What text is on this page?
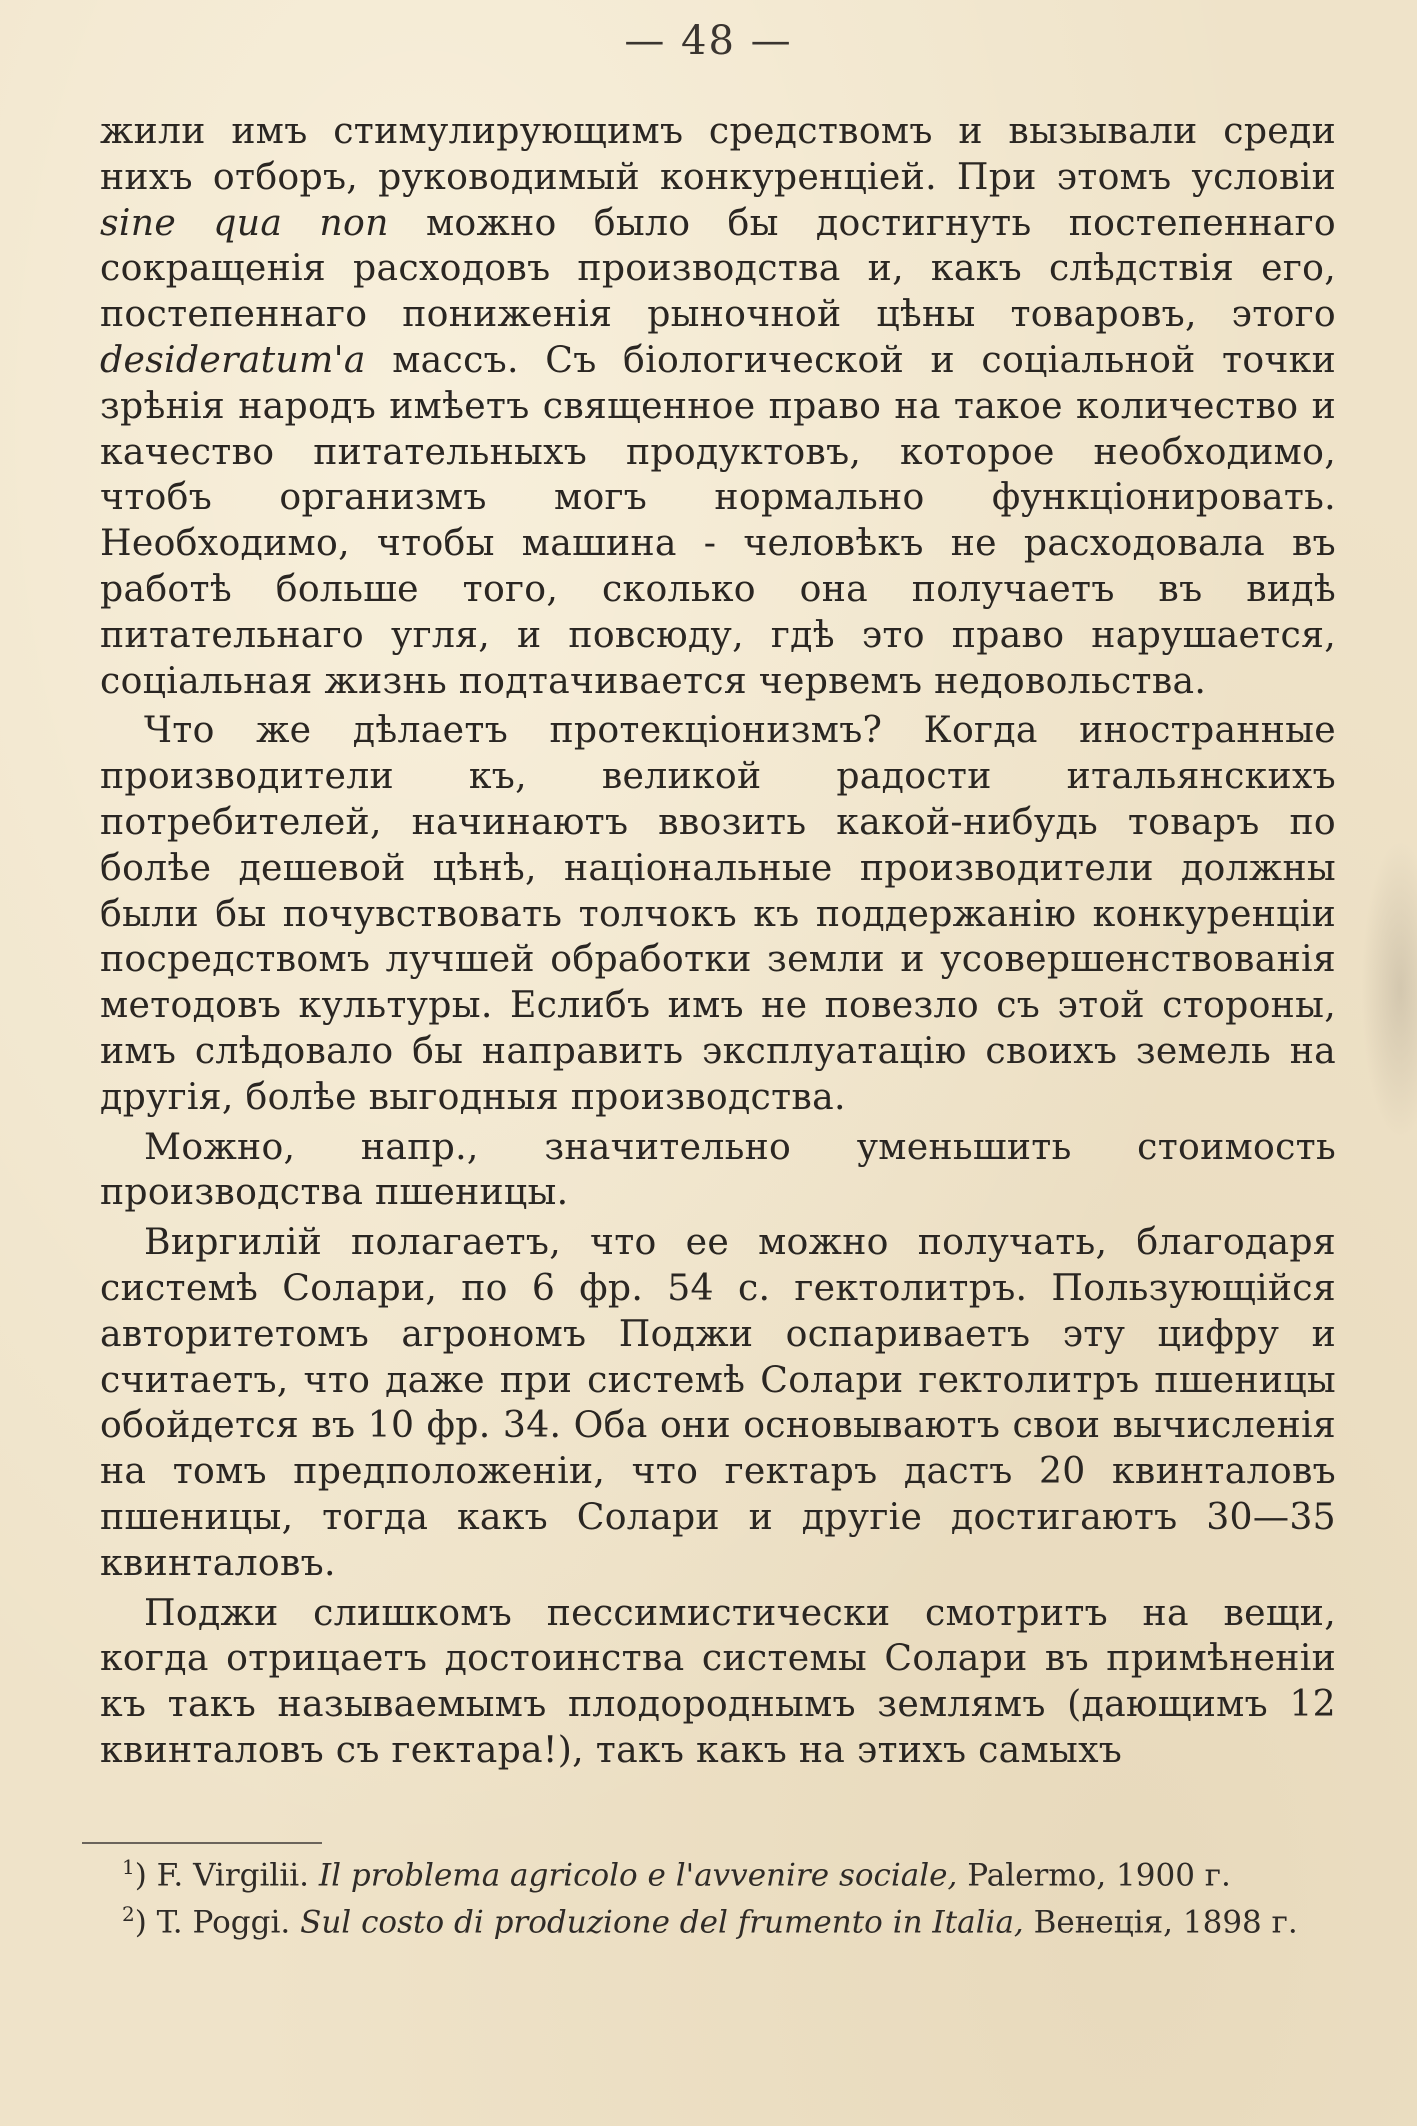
— 48 —

жили имъ стимулирующимъ средствомъ и вызывали среди нихъ отборъ, руководимый конкуренціей. При этомъ условіи sine qua non можно было бы достигнуть постепеннаго сокращенія расходовъ производства и, какъ слѣдствія его, постепеннаго пониженія рыночной цѣны товаровъ, этого desideratum'a массъ. Съ біологической и соціальной точки зрѣнія народъ имѣетъ священное право на такое количество и качество питательныхъ продуктовъ, которое необходимо, чтобъ организмъ могъ нормально функціонировать. Необходимо, чтобы машина - человѣкъ не расходовала въ работѣ больше того, сколько она получаетъ въ видѣ питательнаго угля, и повсюду, гдѣ это право нарушается, соціальная жизнь подтачивается червемъ недовольства.

Что же дѣлаетъ протекціонизмъ? Когда иностранные производители къ, великой радости итальянскихъ потребителей, начинаютъ ввозить какой-нибудь товаръ по болѣе дешевой цѣнѣ, національные производители должны были бы почувствовать толчокъ къ поддержанію конкуренціи посредствомъ лучшей обработки земли и усовершенствованія методовъ культуры. Еслибъ имъ не повезло съ этой стороны, имъ слѣдовало бы направить эксплуатацію своихъ земель на другія, болѣе выгодныя производства.

Можно, напр., значительно уменьшить стоимость производства пшеницы.

Виргилій полагаетъ, что ее можно получать, благодаря системѣ Солари, по 6 фр. 54 с. гектолитръ. Пользующійся авторитетомъ агрономъ Поджи оспариваетъ эту цифру и считаетъ, что даже при системѣ Солари гектолитръ пшеницы обойдется въ 10 фр. 34. Оба они основываютъ свои вычисленія на томъ предположеніи, что гектаръ дастъ 20 квинталовъ пшеницы, тогда какъ Солари и другіе достигаютъ 30—35 квинталовъ.

Поджи слишкомъ пессимистически смотритъ на вещи, когда отрицаетъ достоинства системы Солари въ примѣненіи къ такъ называемымъ плодороднымъ землямъ (дающимъ 12 квинталовъ съ гектара!), такъ какъ на этихъ самыхъ

$^1$) F. Virgilii. Il problema agricolo e l'avvenire sociale, Palermo, 1900 г.

$^2$) T. Poggi. Sul costo di produzione del frumento in Italia, Венеція, 1898 г.
